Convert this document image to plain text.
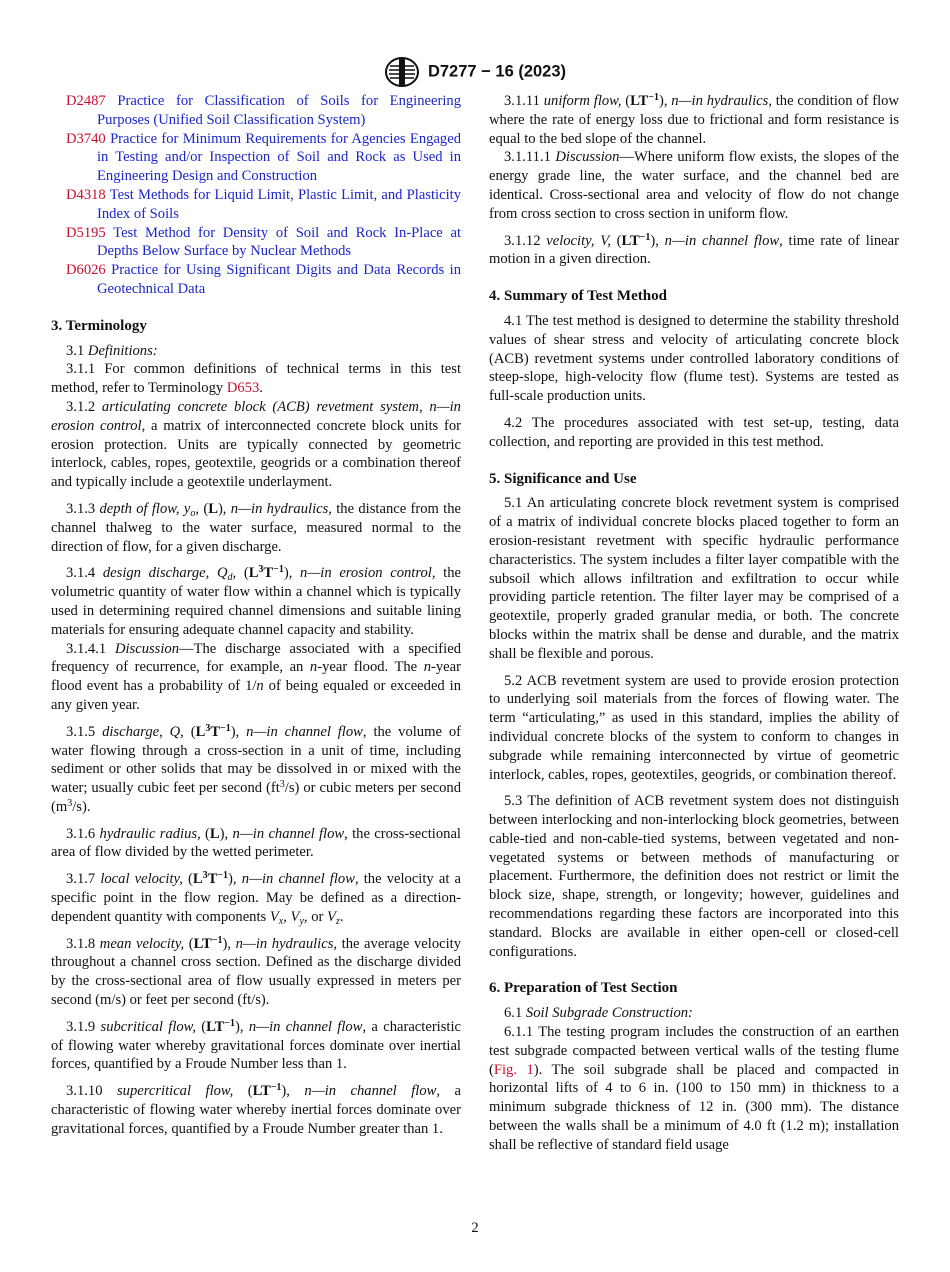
D7277 − 16 (2023)

D2487 Practice for Classification of Soils for Engineering Purposes (Unified Soil Classification System)

D3740 Practice for Minimum Requirements for Agencies Engaged in Testing and/or Inspection of Soil and Rock as Used in Engineering Design and Construction

D4318 Test Methods for Liquid Limit, Plastic Limit, and Plasticity Index of Soils

D5195 Test Method for Density of Soil and Rock In-Place at Depths Below Surface by Nuclear Methods

D6026 Practice for Using Significant Digits and Data Records in Geotechnical Data

3. Terminology

3.1 Definitions:

3.1.1 For common definitions of technical terms in this test method, refer to Terminology D653.

3.1.2 articulating concrete block (ACB) revetment system, n—in erosion control, a matrix of interconnected concrete block units for erosion protection. Units are typically connected by geometric interlock, cables, ropes, geotextile, geogrids or a combination thereof and typically include a geotextile underlayment.

3.1.3 depth of flow, $y_o$, (L), n—in hydraulics, the distance from the channel thalweg to the water surface, measured normal to the direction of flow, for a given discharge.

3.1.4 design discharge, $Q_d$, $(L^3T^{-1})$, n—in erosion control, the volumetric quantity of water flow within a channel which is typically used in determining required channel dimensions and suitable lining materials for ensuring adequate channel capacity and stability.

3.1.4.1 Discussion—The discharge associated with a specified frequency of recurrence, for example, an n-year flood. The n-year flood event has a probability of 1/n of being equaled or exceeded in any given year.

3.1.5 discharge, Q, $(L^3T^{-1})$, n—in channel flow, the volume of water flowing through a cross-section in a unit of time, including sediment or other solids that may be dissolved in or mixed with the water; usually cubic feet per second $(ft^3/s)$ or cubic meters per second $(m^3/s)$.

3.1.6 hydraulic radius, (L), n—in channel flow, the cross-sectional area of flow divided by the wetted perimeter.

3.1.7 local velocity, $(L^3T^{-1})$, n—in channel flow, the velocity at a specific point in the flow region. May be defined as a direction-dependent quantity with components $V_x$, $V_y$, or $V_z$.

3.1.8 mean velocity, $(LT^{-1})$, n—in hydraulics, the average velocity throughout a channel cross section. Defined as the discharge divided by the cross-sectional area of flow usually expressed in meters per second (m/s) or feet per second (ft/s).

3.1.9 subcritical flow, $(LT^{-1})$, n—in channel flow, a characteristic of flowing water whereby gravitational forces dominate over inertial forces, quantified by a Froude Number less than 1.

3.1.10 supercritical flow, $(LT^{-1})$, n—in channel flow, a characteristic of flowing water whereby inertial forces dominate over gravitational forces, quantified by a Froude Number greater than 1.

3.1.11 uniform flow, $(LT^{-1})$, n—in hydraulics, the condition of flow where the rate of energy loss due to frictional and form resistance is equal to the bed slope of the channel.

3.1.11.1 Discussion—Where uniform flow exists, the slopes of the energy grade line, the water surface, and the channel bed are identical. Cross-sectional area and velocity of flow do not change from cross section to cross section in uniform flow.

3.1.12 velocity, V, $(LT^{-1})$, n—in channel flow, time rate of linear motion in a given direction.

4. Summary of Test Method

4.1 The test method is designed to determine the stability threshold values of shear stress and velocity of articulating concrete block (ACB) revetment systems under controlled laboratory conditions of steep-slope, high-velocity flow (flume test). Systems are tested as full-scale production units.

4.2 The procedures associated with test set-up, testing, data collection, and reporting are provided in this test method.

5. Significance and Use

5.1 An articulating concrete block revetment system is comprised of a matrix of individual concrete blocks placed together to form an erosion-resistant revetment with specific hydraulic performance characteristics. The system includes a filter layer compatible with the subsoil which allows infiltration and exfiltration to occur while providing particle retention. The filter layer may be comprised of a geotextile, properly graded granular media, or both. The concrete blocks within the matrix shall be dense and durable, and the matrix shall be flexible and porous.

5.2 ACB revetment system are used to provide erosion protection to underlying soil materials from the forces of flowing water. The term “articulating,” as used in this standard, implies the ability of individual concrete blocks of the system to conform to changes in subgrade while remaining interconnected by virtue of geometric interlock, cables, ropes, geotextiles, geogrids, or combination thereof.

5.3 The definition of ACB revetment system does not distinguish between interlocking and non-interlocking block geometries, between cable-tied and non-cable-tied systems, between vegetated and non-vegetated systems or between methods of manufacturing or placement. Furthermore, the definition does not restrict or limit the block size, shape, strength, or longevity; however, guidelines and recommendations regarding these factors are incorporated into this standard. Blocks are available in either open-cell or closed-cell configurations.

6. Preparation of Test Section

6.1 Soil Subgrade Construction:

6.1.1 The testing program includes the construction of an earthen test subgrade compacted between vertical walls of the testing flume (Fig. 1). The soil subgrade shall be placed and compacted in horizontal lifts of 4 to 6 in. (100 to 150 mm) in thickness to a minimum subgrade thickness of 12 in. (300 mm). The distance between the walls shall be a minimum of 4.0 ft (1.2 m); installation shall be reflective of standard field usage

2
